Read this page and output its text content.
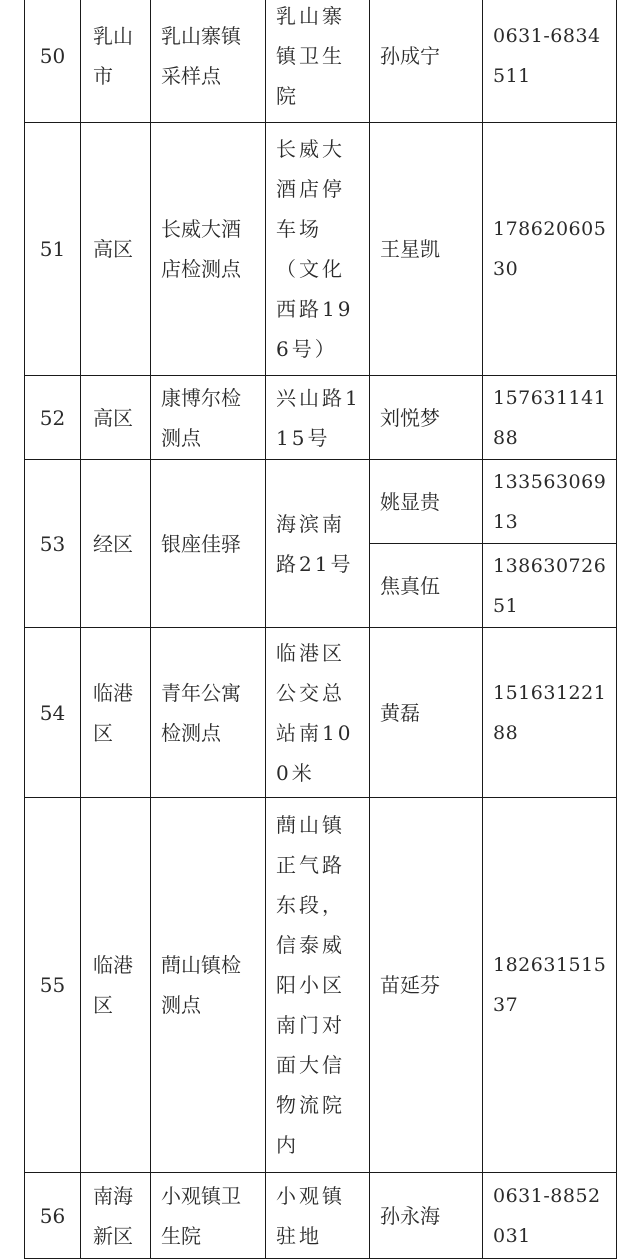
50	乳山市	乳山寨镇采样点	乳山寨镇卫生院	孙成宁	0631-6834511
51	高区	长威大酒店检测点	长威大酒店停车场（文化西路196号）	王星凯	17862060530
52	高区	康博尔检测点	兴山路115号	刘悦梦	15763114188
53	经区	银座佳驿	海滨南路21号	姚显贵	13356306913
				焦真伍	13863072651
54	临港区	青年公寓检测点	临港区公交总站南100米	黄磊	15163122188
55	临港区	蔄山镇检测点	蔄山镇正气路东段，信泰威阳小区南门对面大信物流院内	苗延芬	18263151537
56	南海新区	小观镇卫生院	小观镇驻地	孙永海	0631-8852031
